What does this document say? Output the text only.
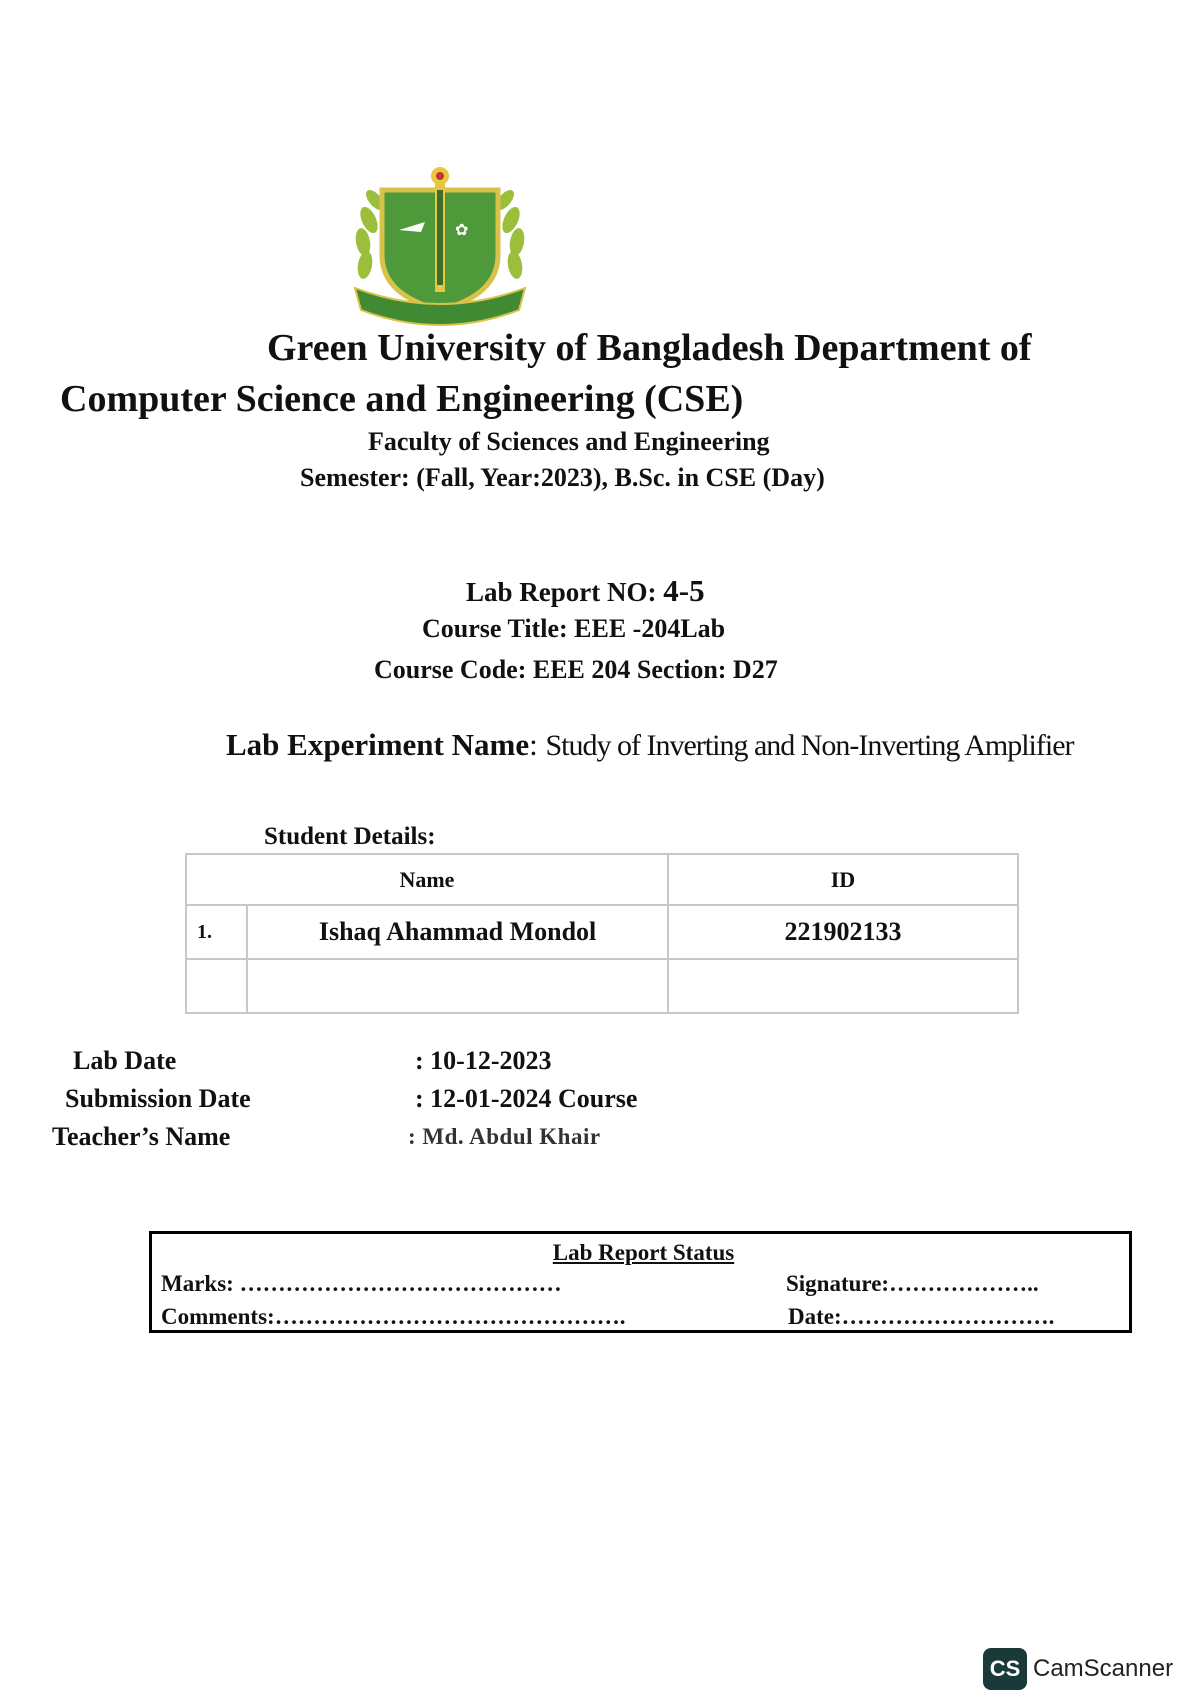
✿
Green University of Bangladesh Department of
Computer Science and Engineering (CSE)
Faculty of Sciences and Engineering
Semester: (Fall, Year:2023), B.Sc. in CSE (Day)
Lab Report NO: 4-5
Course Title: EEE -204Lab
Course Code: EEE 204 Section: D27
Lab Experiment Name: Study of Inverting and Non-Inverting Amplifier
Student Details:
Name		ID
1.	Ishaq Ahammad Mondol	221902133

Lab Date	: 10-12-2023
Submission Date	: 12-01-2024 Course
Teacher’s Name	: Md. Abdul Khair
Lab Report Status
Marks: ……………………………………	Signature:………………..
Comments:……………………………………….	Date:……………………….
CS CamScanner
